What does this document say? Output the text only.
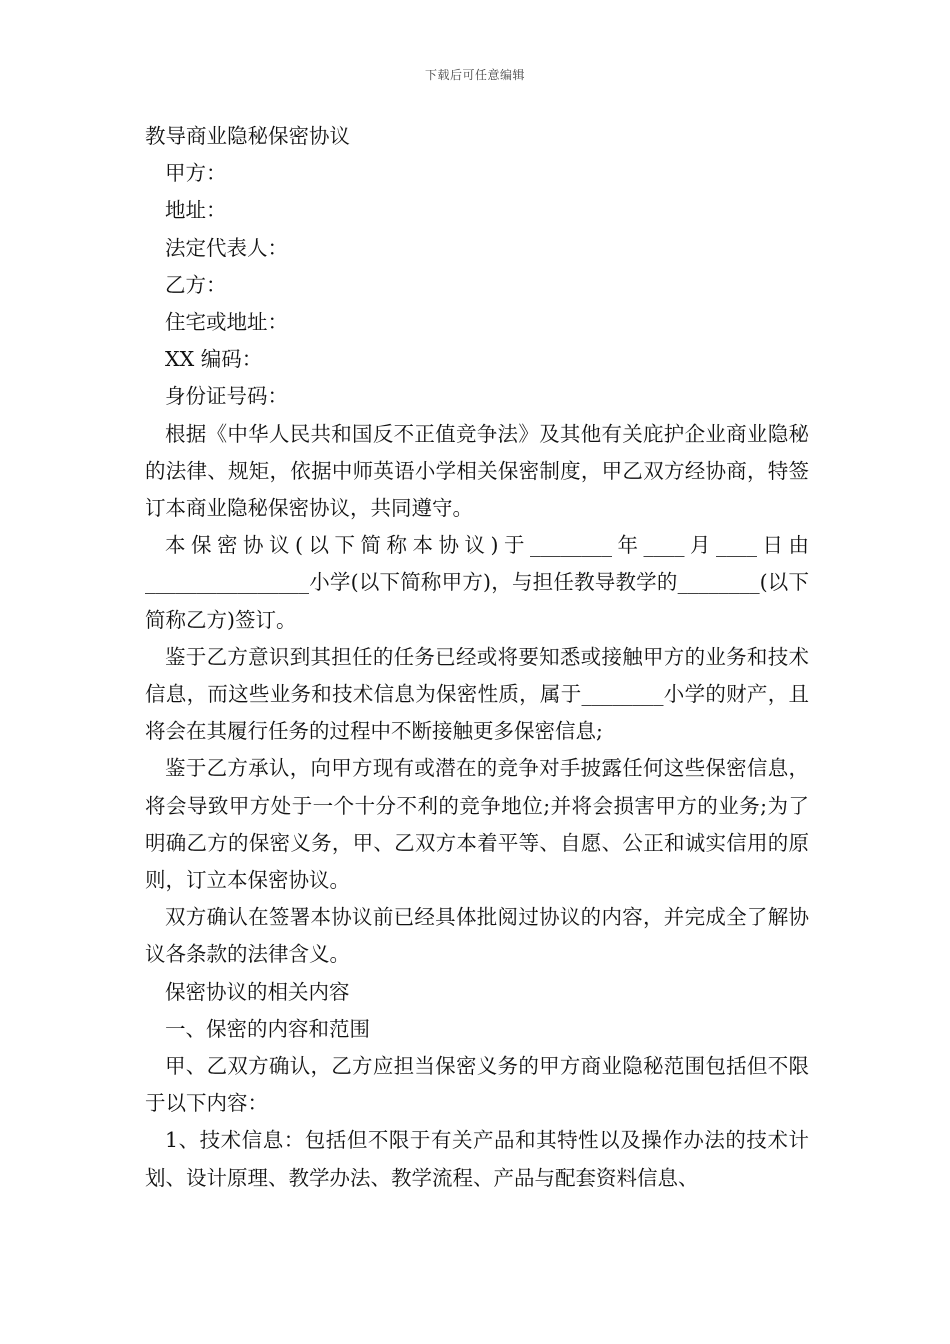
下载后可任意编辑
教导商业隐秘保密协议

甲方：

地址：

法定代表人：

乙方：

住宅或地址：

XX 编码：

身份证号码：

根据《中华人民共和国反不正值竞争法》及其他有关庇护企业商业隐秘的法律、规矩，依据中师英语小学相关保密制度，甲乙双方经协商，特签订本商业隐秘保密协议，共同遵守。

本保密协议(以下简称本协议)于________年____月____日由________________小学(以下简称甲方)，与担任教导教学的________(以下简称乙方)签订。

鉴于乙方意识到其担任的任务已经或将要知悉或接触甲方的业务和技术信息，而这些业务和技术信息为保密性质，属于________小学的财产，且将会在其履行任务的过程中不断接触更多保密信息;

鉴于乙方承认，向甲方现有或潜在的竞争对手披露任何这些保密信息，将会导致甲方处于一个十分不利的竞争地位;并将会损害甲方的业务;为了明确乙方的保密义务，甲、乙双方本着平等、自愿、公正和诚实信用的原则，订立本保密协议。

双方确认在签署本协议前已经具体批阅过协议的内容，并完成全了解协议各条款的法律含义。

保密协议的相关内容

一、保密的内容和范围

甲、乙双方确认，乙方应担当保密义务的甲方商业隐秘范围包括但不限于以下内容：

1、技术信息：包括但不限于有关产品和其特性以及操作办法的技术计划、设计原理、教学办法、教学流程、产品与配套资料信息、
